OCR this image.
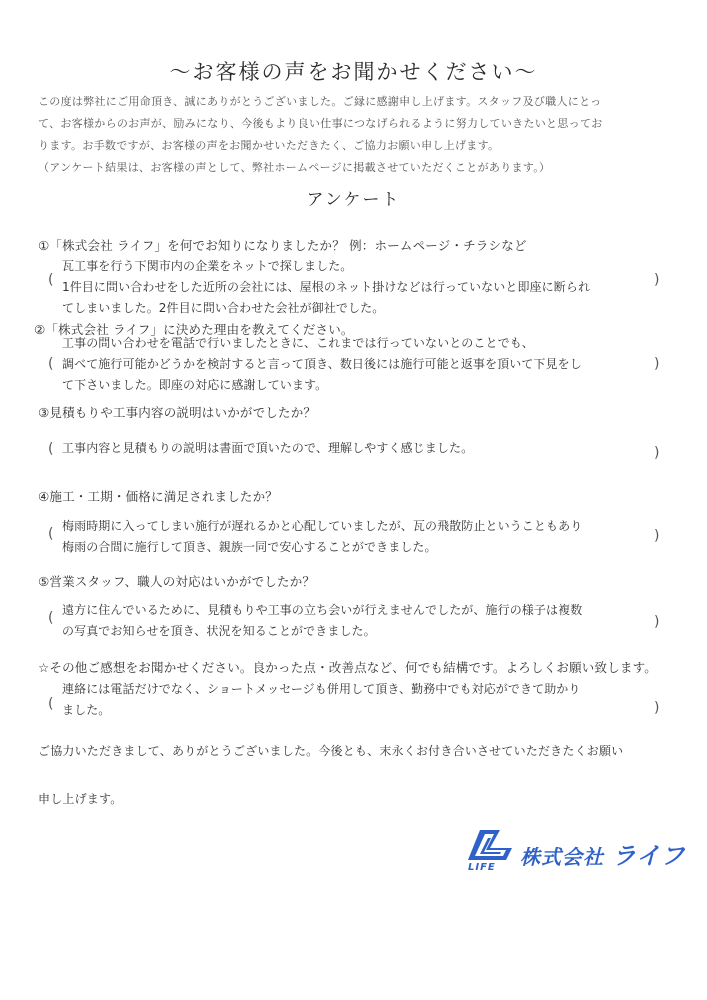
〜お客様の声をお聞かせください〜
この度は弊社にご用命頂き、誠にありがとうございました。ご縁に感謝申し上げます。スタッフ及び職人にとっ
て、お客様からのお声が、励みになり、今後もより良い仕事につなげられるように努力していきたいと思ってお
ります。お手数ですが、お客様の声をお聞かせいただきたく、ご協力お願い申し上げます。
（アンケート結果は、お客様の声として、弊社ホームページに掲載させていただくことがあります。）
アンケート
①「株式会社 ライフ」を何でお知りになりましたか？ 例：ホームページ・チラシなど
(
瓦工事を行う下関市内の企業をネットで探しました。
1件目に問い合わせをした近所の会社には、屋根のネット掛けなどは行っていないと即座に断られ
てしまいました。2件目に問い合わせた会社が御社でした。
)
②「株式会社 ライフ」に決めた理由を教えてください。
(
工事の問い合わせを電話で行いましたときに、これまでは行っていないとのことでも、
調べて施行可能かどうかを検討すると言って頂き、数日後には施行可能と返事を頂いて下見をし
て下さいました。即座の対応に感謝しています。
)
③見積もりや工事内容の説明はいかがでしたか？
( 工事内容と見積もりの説明は書面で頂いたので、理解しやすく感じました。	)
④施工・工期・価格に満足されましたか？
( 梅雨時期に入ってしまい施行が遅れるかと心配していましたが、瓦の飛散防止ということもあり
梅雨の合間に施行して頂き、親族一同で安心することができました。
)
⑤営業スタッフ、職人の対応はいかがでしたか？
( 遠方に住んでいるために、見積もりや工事の立ち会いが行えませんでしたが、施行の様子は複数
の写真でお知らせを頂き、状況を知ることができました。
)
☆その他ご感想をお聞かせください。良かった点・改善点など、何でも結構です。よろしくお願い致します。
(
連絡には電話だけでなく、ショートメッセージも併用して頂き、勤務中でも対応ができて助かり
ました。	)
ご協力いただきまして、ありがとうございました。今後とも、末永くお付き合いさせていただきたくお願い
申し上げます。
LIFE 株式会社 ライフ
